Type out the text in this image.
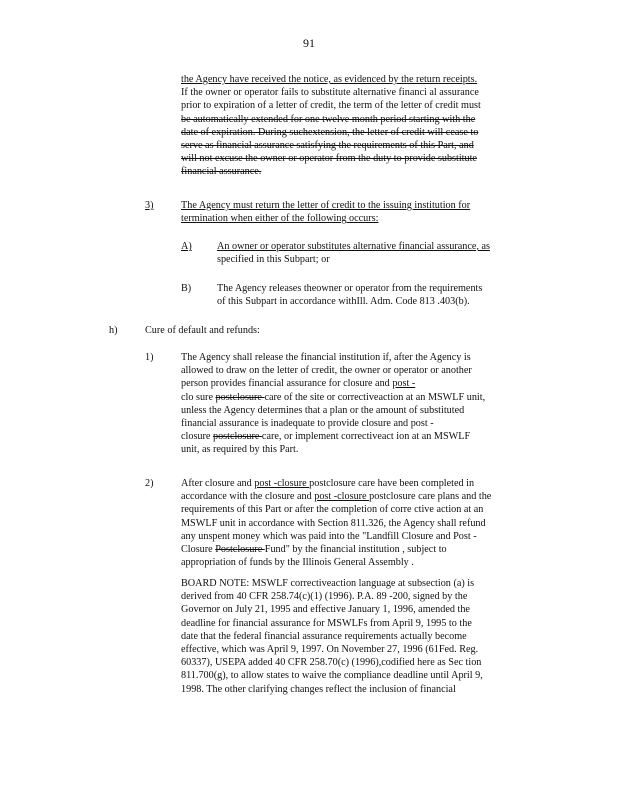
91
the Agency have received the notice, as evidenced by the return receipts.
If the owner or operator fails to substitute alternative financi al assurance
prior to expiration of a letter of credit, the term of the letter of credit must
be automatically extended for one twelve month period starting with the
date of expiration. During suchextension, the letter of credit will cease to
serve as financial assurance satisfying the requirements of this Part, and
will not excuse the owner or operator from the duty to provide substitute
financial assurance.
3)	The Agency must return the letter of credit to the issuing institution for
termination when either of the following occurs:
A) An owner or operator substitutes alternative financial assurance, as
specified in this Subpart; or
B)	The Agency releases theowner or operator from the requirements
of this Subpart in accordance withIll. Adm. Code 813 .403(b).
h)	Cure of default and refunds:
1)	The Agency shall release the financial institution if, after the Agency is
allowed to draw on the letter of credit, the owner or operator or another
person provides financial assurance for closure and post -
clo sure postclosure care of the site or correctiveaction at an MSWLF unit,
unless the Agency determines that a plan or the amount of substituted
financial assurance is inadequate to provide closure and post -
closure postclosure care, or implement correctiveact ion at an MSWLF
unit, as required by this Part.
2)	After closure and post -closure postclosure care have been completed in
accordance with the closure and post -closure postclosure care plans and the
requirements of this Part or after the completion of corre ctive action at an
MSWLF unit in accordance with Section 811.326, the Agency shall refund
any unspent money which was paid into the "Landfill Closure and Post -
Closure Postclosure Fund" by the financial institution , subject to
appropriation of funds by the Illinois General Assembly .
BOARD NOTE: MSWLF correctiveaction language at subsection (a) is
derived from 40 CFR 258.74(c)(1) (1996). P.A. 89 -200, signed by the
Governor on July 21, 1995 and effective January 1, 1996, amended the
deadline for financial assurance for MSWLFs from April 9, 1995 to the
date that the federal financial assurance requirements actually become
effective, which was April 9, 1997. On November 27, 1996 (61Fed. Reg.
60337), USEPA added 40 CFR 258.70(c) (1996),codified here as Sec tion
811.700(g), to allow states to waive the compliance deadline until April 9,
1998. The other clarifying changes reflect the inclusion of financial
